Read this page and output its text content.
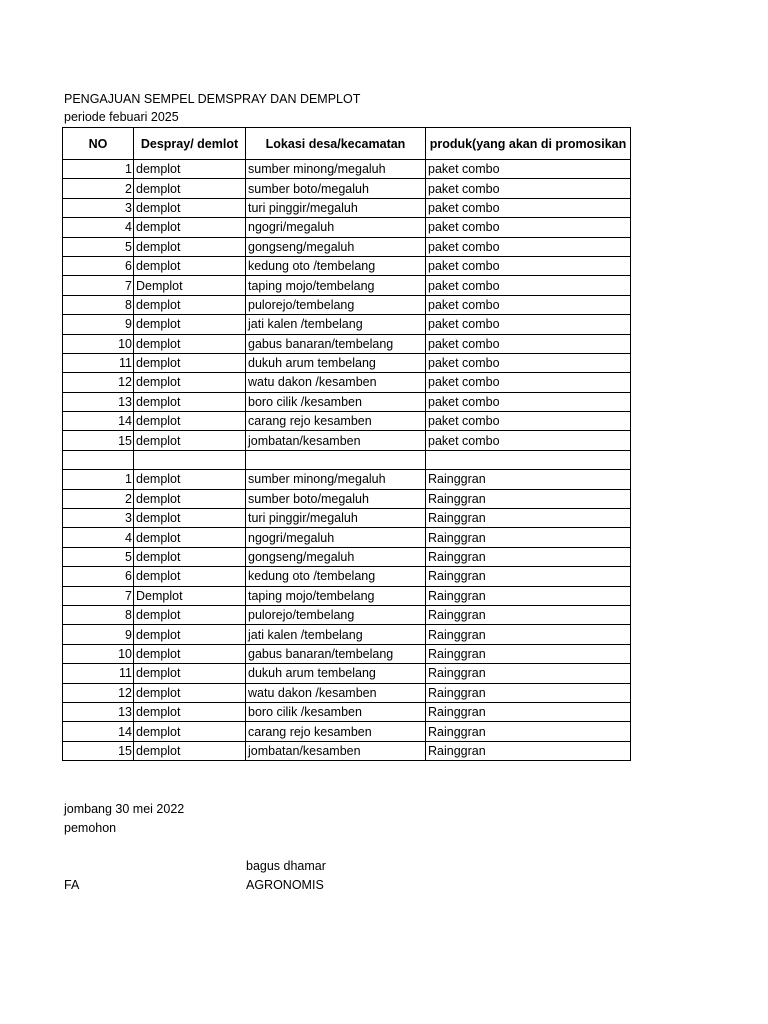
PENGAJUAN SEMPEL DEMSPRAY DAN DEMPLOT
periode febuari 2025
NO	Despray/ demlot	Lokasi desa/kecamatan	produk(yang akan di promosikan
1	demplot	sumber minong/megaluh	paket combo
2	demplot	sumber boto/megaluh	paket combo
3	demplot	turi pinggir/megaluh	paket combo
4	demplot	ngogri/megaluh	paket combo
5	demplot	gongseng/megaluh	paket combo
6	demplot	kedung oto /tembelang	paket combo
7	Demplot	taping mojo/tembelang	paket combo
8	demplot	pulorejo/tembelang	paket combo
9	demplot	jati kalen /tembelang	paket combo
10	demplot	gabus banaran/tembelang	paket combo
11	demplot	dukuh arum tembelang	paket combo
12	demplot	watu dakon /kesamben	paket combo
13	demplot	boro cilik /kesamben	paket combo
14	demplot	carang rejo kesamben	paket combo
15	demplot	jombatan/kesamben	paket combo

1	demplot	sumber minong/megaluh	Rainggran
2	demplot	sumber boto/megaluh	Rainggran
3	demplot	turi pinggir/megaluh	Rainggran
4	demplot	ngogri/megaluh	Rainggran
5	demplot	gongseng/megaluh	Rainggran
6	demplot	kedung oto /tembelang	Rainggran
7	Demplot	taping mojo/tembelang	Rainggran
8	demplot	pulorejo/tembelang	Rainggran
9	demplot	jati kalen /tembelang	Rainggran
10	demplot	gabus banaran/tembelang	Rainggran
11	demplot	dukuh arum tembelang	Rainggran
12	demplot	watu dakon /kesamben	Rainggran
13	demplot	boro cilik /kesamben	Rainggran
14	demplot	carang rejo kesamben	Rainggran
15	demplot	jombatan/kesamben	Rainggran
jombang 30 mei 2022
pemohon
bagus dhamar
FA	AGRONOMIS
